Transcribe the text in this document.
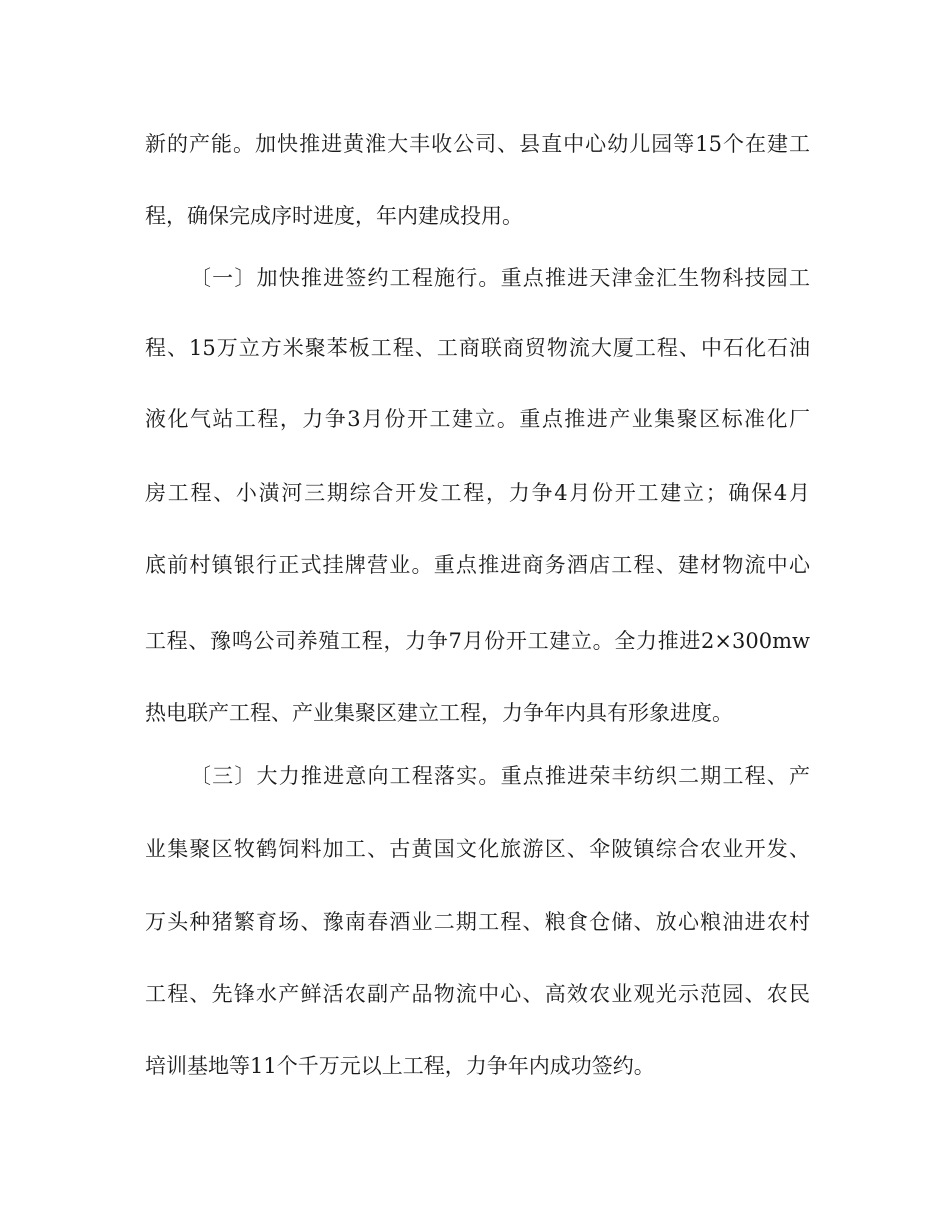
新的产能。加快推进黄淮大丰收公司、县直中心幼儿园等15个在建工
程，确保完成序时进度，年内建成投用。
〔一〕加快推进签约工程施行。重点推进天津金汇生物科技园工
程、15万立方米聚苯板工程、工商联商贸物流大厦工程、中石化石油
液化气站工程，力争3月份开工建立。重点推进产业集聚区标准化厂
房工程、小潢河三期综合开发工程，力争4月份开工建立；确保4月
底前村镇银行正式挂牌营业。重点推进商务酒店工程、建材物流中心
工程、豫鸣公司养殖工程，力争7月份开工建立。全力推进2×300mw
热电联产工程、产业集聚区建立工程，力争年内具有形象进度。
〔三〕大力推进意向工程落实。重点推进荣丰纺织二期工程、产
业集聚区牧鹤饲料加工、古黄国文化旅游区、伞陂镇综合农业开发、
万头种猪繁育场、豫南春酒业二期工程、粮食仓储、放心粮油进农村
工程、先锋水产鲜活农副产品物流中心、高效农业观光示范园、农民
培训基地等11个千万元以上工程，力争年内成功签约。
